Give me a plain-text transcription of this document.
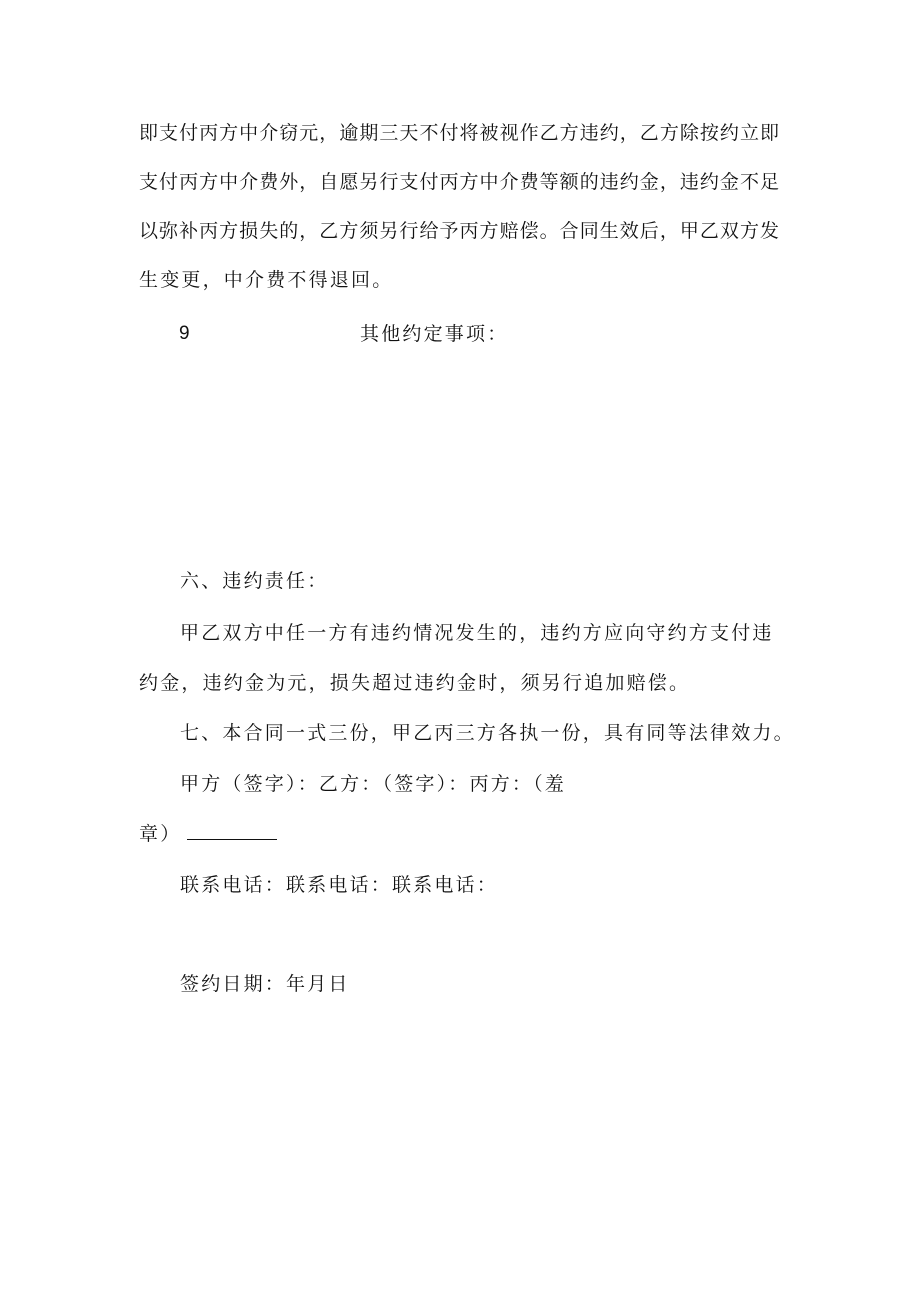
即支付丙方中介窃元，逾期三天不付将被视作乙方违约，乙方除按约立即
支付丙方中介费外，自愿另行支付丙方中介费等额的违约金，违约金不足
以弥补丙方损失的，乙方须另行给予丙方赔偿。合同生效后，甲乙双方发
生变更，中介费不得退回。
9	其他约定事项：
六、违约责任：
甲乙双方中任一方有违约情况发生的，违约方应向守约方支付违
约金，违约金为元，损失超过违约金时，须另行追加赔偿。
七、本合同一式三份，甲乙丙三方各执一份，具有同等法律效力。
甲方（签字）：乙方：（签字）：丙方：（羞
章）
联系电话：联系电话：联系电话：
签约日期：年月日
